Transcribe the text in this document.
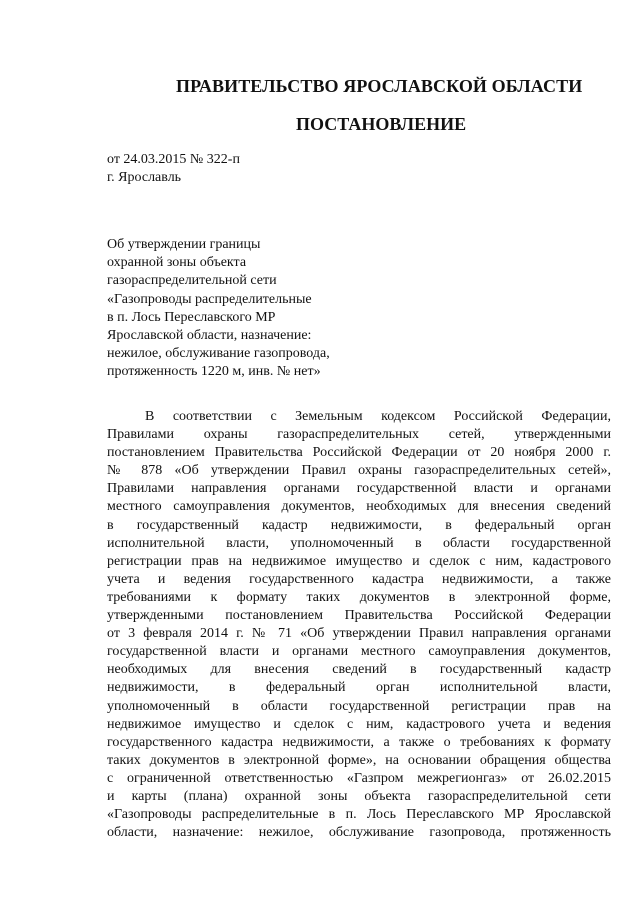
ПРАВИТЕЛЬСТВО ЯРОСЛАВСКОЙ ОБЛАСТИ
ПОСТАНОВЛЕНИЕ
от 24.03.2015 № 322-п
г. Ярославль
Об утверждении границы
охранной зоны объекта
газораспределительной сети
«Газопроводы распределительные
в п. Лось Переславского МР
Ярославской области, назначение:
нежилое, обслуживание газопровода,
протяженность 1220 м, инв. № нет»
В соответствии с Земельным кодексом Российской Федерации,
Правилами охраны газораспределительных сетей, утвержденными
постановлением Правительства Российской Федерации от 20 ноября 2000 г.
№ 878 «Об утверждении Правил охраны газораспределительных сетей»,
Правилами направления органами государственной власти и органами
местного самоуправления документов, необходимых для внесения сведений
в государственный кадастр недвижимости, в федеральный орган
исполнительной власти, уполномоченный в области государственной
регистрации прав на недвижимое имущество и сделок с ним, кадастрового
учета и ведения государственного кадастра недвижимости, а также
требованиями к формату таких документов в электронной форме,
утвержденными постановлением Правительства Российской Федерации
от 3 февраля 2014 г. № 71 «Об утверждении Правил направления органами
государственной власти и органами местного самоуправления документов,
необходимых для внесения сведений в государственный кадастр
недвижимости, в федеральный орган исполнительной власти,
уполномоченный в области государственной регистрации прав на
недвижимое имущество и сделок с ним, кадастрового учета и ведения
государственного кадастра недвижимости, а также о требованиях к формату
таких документов в электронной форме», на основании обращения общества
с ограниченной ответственностью «Газпром межрегионгаз» от 26.02.2015
и карты (плана) охранной зоны объекта газораспределительной сети
«Газопроводы распределительные в п. Лось Переславского МР Ярославской
области, назначение: нежилое, обслуживание газопровода, протяженность
